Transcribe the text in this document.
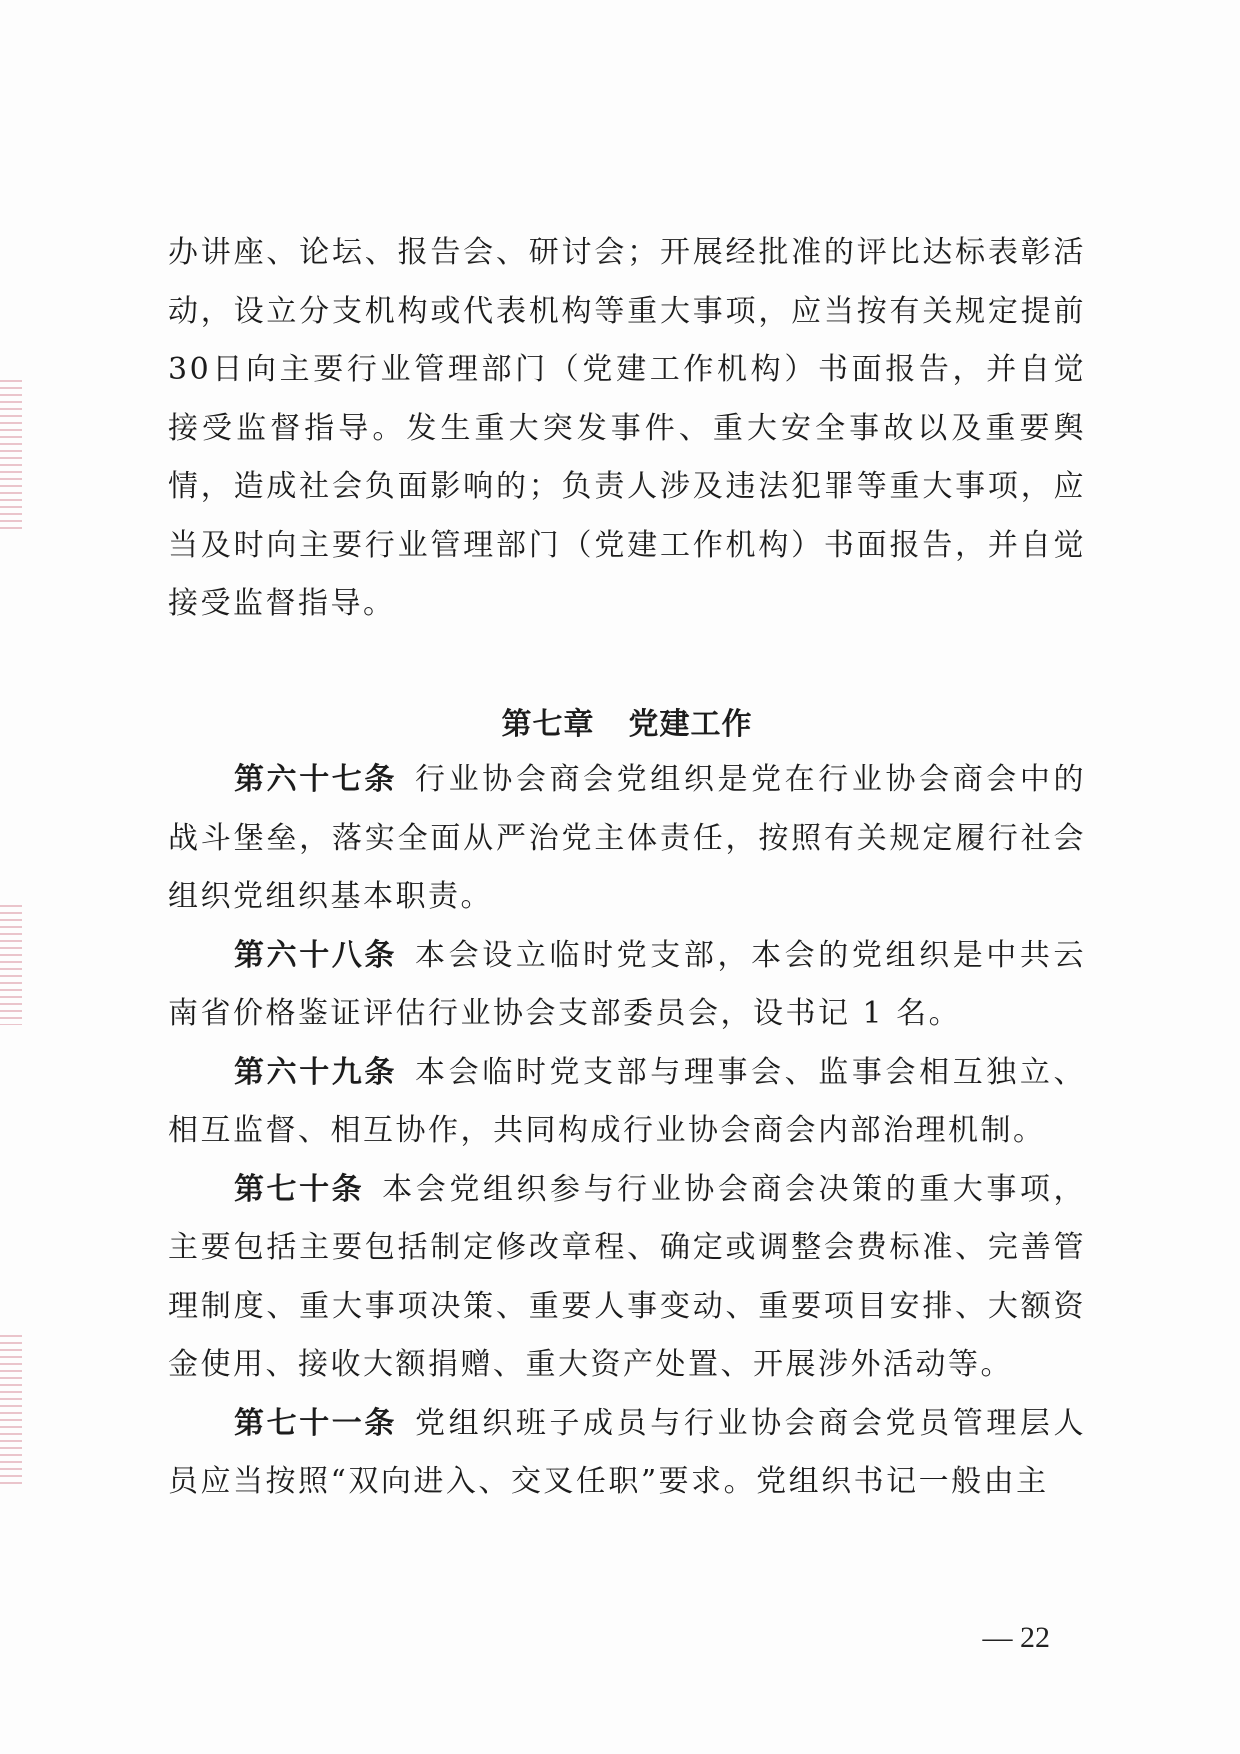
办讲座、论坛、报告会、研讨会；开展经批准的评比达标表彰活动，设立分支机构或代表机构等重大事项，应当按有关规定提前30日向主要行业管理部门（党建工作机构）书面报告，并自觉接受监督指导。发生重大突发事件、重大安全事故以及重要舆情，造成社会负面影响的；负责人涉及违法犯罪等重大事项，应当及时向主要行业管理部门（党建工作机构）书面报告，并自觉接受监督指导。

第七章 党建工作

第六十七条 行业协会商会党组织是党在行业协会商会中的战斗堡垒，落实全面从严治党主体责任，按照有关规定履行社会组织党组织基本职责。

第六十八条 本会设立临时党支部，本会的党组织是中共云南省价格鉴证评估行业协会支部委员会，设书记 1 名。

第六十九条 本会临时党支部与理事会、监事会相互独立、相互监督、相互协作，共同构成行业协会商会内部治理机制。

第七十条 本会党组织参与行业协会商会决策的重大事项，主要包括主要包括制定修改章程、确定或调整会费标准、完善管理制度、重大事项决策、重要人事变动、重要项目安排、大额资金使用、接收大额捐赠、重大资产处置、开展涉外活动等。

第七十一条 党组织班子成员与行业协会商会党员管理层人员应当按照“双向进入、交叉任职”要求。党组织书记一般由主

— 22
